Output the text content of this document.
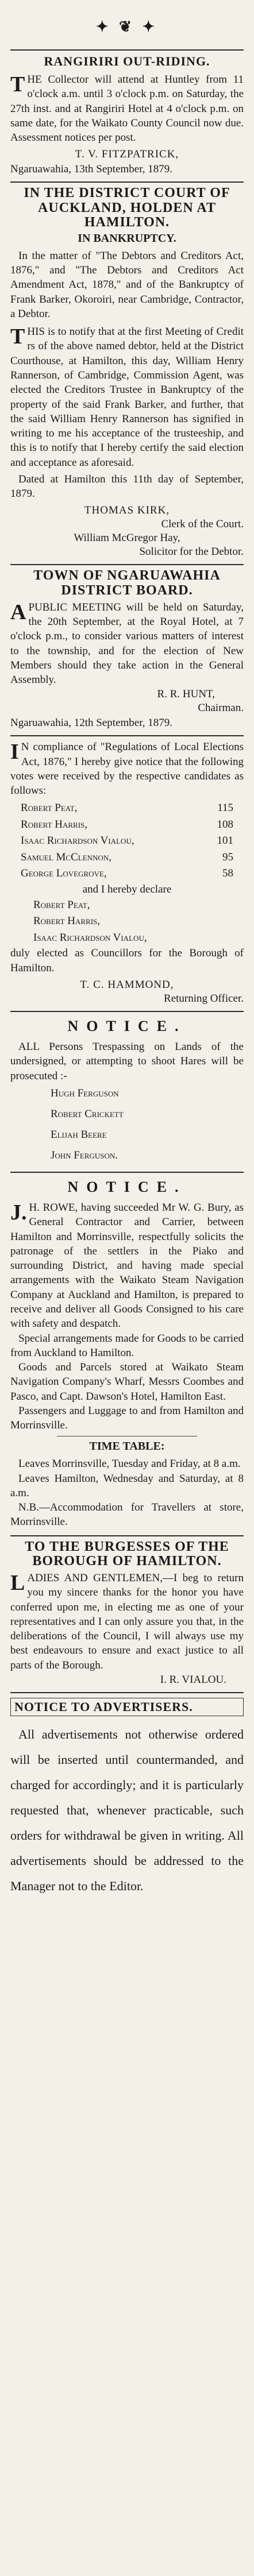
✦ ❦ ✦
RANGIRIRI OUT-RIDING.

THE Collector will attend at Huntley from 11 o'clock a.m. until 3 o'clock p.m. on Saturday, the 27th inst. and at Rangiriri Hotel at 4 o'clock p.m. on same date, for the Waikato County Council now due. Assessment notices per post.

T. V. FITZPATRICK,
Ngaruawahia, 13th September, 1879.
IN THE DISTRICT COURT OF AUCKLAND, HOLDEN AT HAMILTON.
IN BANKRUPTCY.

In the matter of "The Debtors and Creditors Act, 1876," and "The Debtors and Creditors Act Amendment Act, 1878," and of the Bankruptcy of Frank Barker, Okoroiri, near Cambridge, Contractor, a Debtor.

THIS is to notify that at the first Meeting of Credit rs of the above named debtor, held at the District Courthouse, at Hamilton, this day, William Henry Rannerson, of Cambridge, Commission Agent, was elected the Creditors Trustee in Bankruptcy of the property of the said Frank Barker, and further, that the said William Henry Rannerson has signified in writing to me his acceptance of the trusteeship, and this is to notify that I hereby certify the said election and acceptance as aforesaid.

Dated at Hamilton this 11th day of September, 1879.

THOMAS KIRK,
Clerk of the Court.
William McGregor Hay,
Solicitor for the Debtor.
TOWN OF NGARUAWAHIA DISTRICT BOARD.

APUBLIC MEETING will be held on Saturday, the 20th September, at the Royal Hotel, at 7 o'clock p.m., to consider various matters of interest to the township, and for the election of New Members should they take action in the General Assembly.

R. R. HUNT,
Chairman.
Ngaruawahia, 12th September, 1879.

IN compliance of "Regulations of Local Elections Act, 1876," I hereby give notice that the following votes were received by the respective candidates as follows:

Robert Peat,	115
Robert Harris,	108
Isaac Richardson Vialou,	101
Samuel McClennon,	95
George Lovegrove,	58
and I hereby declare
Robert Peat,
Robert Harris,
Isaac Richardson Vialou,

duly elected as Councillors for the Borough of Hamilton.

T. C. HAMMOND,
Returning Officer.
NOTICE.

ALL Persons Trespassing on Lands of the undersigned, or attempting to shoot Hares will be prosecuted :-

Hugh Ferguson
Robert Crickett
Elijah Beere
John Ferguson.
NOTICE.

J.H. ROWE, having succeeded Mr W. G. Bury, as General Contractor and Carrier, between Hamilton and Morrinsville, respectfully solicits the patronage of the settlers in the Piako and surrounding District, and having made special arrangements with the Waikato Steam Navigation Company at Auckland and Hamilton, is prepared to receive and deliver all Goods Consigned to his care with safety and despatch.

Special arrangements made for Goods to be carried from Auckland to Hamilton.

Goods and Parcels stored at Waikato Steam Navigation Company's Wharf, Messrs Coombes and Pasco, and Capt. Dawson's Hotel, Hamilton East.

Passengers and Luggage to and from Hamilton and Morrinsville.

TIME TABLE:

Leaves Morrinsville, Tuesday and Friday, at 8 a.m.

Leaves Hamilton, Wednesday and Saturday, at 8 a.m.

N.B.—Accommodation for Travellers at store, Morrinsville.

TO THE BURGESSES OF THE BOROUGH OF HAMILTON.

LADIES AND GENTLEMEN,—I beg to return you my sincere thanks for the honor you have conferred upon me, in electing me as one of your representatives and I can only assure you that, in the deliberations of the Council, I will always use my best endeavours to ensure and exact justice to all parts of the Borough.

I. R. VIALOU.
NOTICE TO ADVERTISERS.

All advertisements not otherwise ordered will be inserted until countermanded, and charged for accordingly; and it is particularly requested that, whenever practicable, such orders for withdrawal be given in writing. All advertisements should be addressed to the Manager not to the Editor.
